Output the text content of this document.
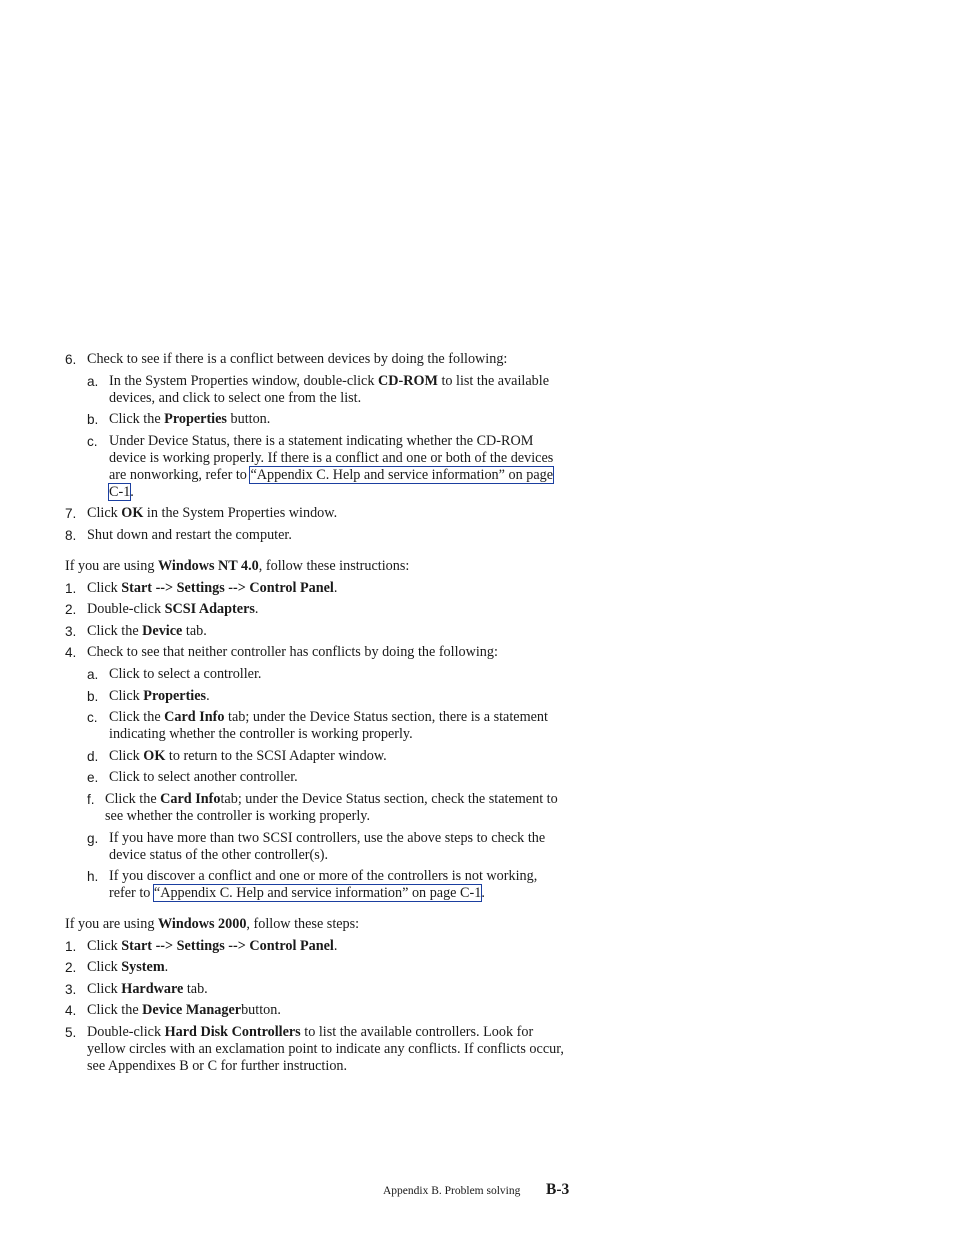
6. Check to see if there is a conflict between devices by doing the following:
a. In the System Properties window, double-click CD-ROM to list the available devices, and click to select one from the list.
b. Click the Properties button.
c. Under Device Status, there is a statement indicating whether the CD-ROM device is working properly. If there is a conflict and one or both of the devices are nonworking, refer to “Appendix C. Help and service information” on page C-1.
7. Click OK in the System Properties window.
8. Shut down and restart the computer.
If you are using Windows NT 4.0, follow these instructions:
1. Click Start --> Settings --> Control Panel.
2. Double-click SCSI Adapters.
3. Click the Device tab.
4. Check to see that neither controller has conflicts by doing the following:
a. Click to select a controller.
b. Click Properties.
c. Click the Card Info tab; under the Device Status section, there is a statement indicating whether the controller is working properly.
d. Click OK to return to the SCSI Adapter window.
e. Click to select another controller.
f. Click the Card Infotab; under the Device Status section, check the statement to see whether the controller is working properly.
g. If you have more than two SCSI controllers, use the above steps to check the device status of the other controller(s).
h. If you discover a conflict and one or more of the controllers is not working, refer to “Appendix C. Help and service information” on page C-1.
If you are using Windows 2000, follow these steps:
1. Click Start --> Settings --> Control Panel.
2. Click System.
3. Click Hardware tab.
4. Click the Device Managerbutton.
5. Double-click Hard Disk Controllers to list the available controllers. Look for yellow circles with an exclamation point to indicate any conflicts. If conflicts occur, see Appendixes B or C for further instruction.
Appendix B. Problem solving B-3
